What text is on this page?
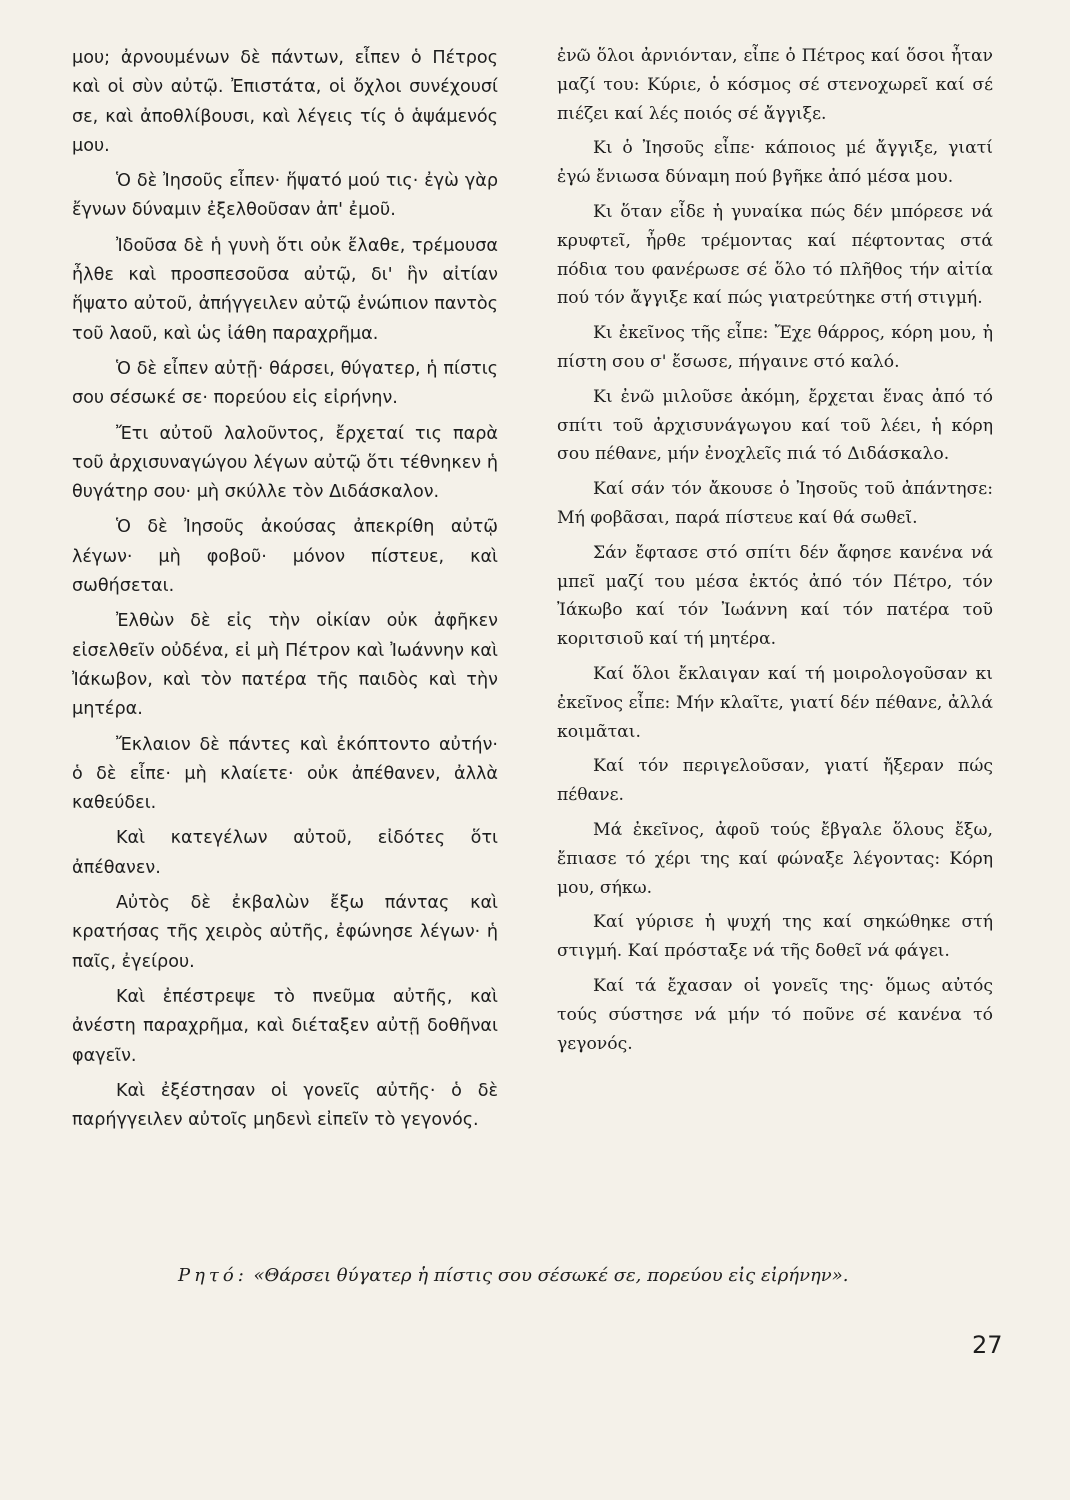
μου; ἀρνουμένων δὲ πάντων, εἶπεν ὁ Πέτρος καὶ οἱ σὺν αὐτῷ. Ἐπιστάτα, οἱ ὄχλοι συνέχουσί σε, καὶ ἀποθλίβουσι, καὶ λέγεις τίς ὁ ἁψάμενός μου.

Ὁ δὲ Ἰησοῦς εἶπεν· ἥψατό μού τις· ἐγὼ γὰρ ἔγνων δύναμιν ἐξελθοῦσαν ἀπ' ἐμοῦ.

Ἰδοῦσα δὲ ἡ γυνὴ ὅτι οὐκ ἔλαθε, τρέμουσα ἦλθε καὶ προσπεσοῦσα αὐτῷ, δι' ἣν αἰτίαν ἥψατο αὐτοῦ, ἀπήγγειλεν αὐτῷ ἐνώπιον παντὸς τοῦ λαοῦ, καὶ ὡς ἰάθη παραχρῆμα.

Ὁ δὲ εἶπεν αὐτῇ· θάρσει, θύγατερ, ἡ πίστις σου σέσωκέ σε· πορεύου εἰς εἰρήνην.

Ἔτι αὐτοῦ λαλοῦντος, ἔρχεταί τις παρὰ τοῦ ἀρχισυναγώγου λέγων αὐτῷ ὅτι τέθνηκεν ἡ θυγάτηρ σου· μὴ σκύλλε τὸν Διδάσκαλον.

Ὁ δὲ Ἰησοῦς ἀκούσας ἀπεκρίθη αὐτῷ λέγων· μὴ φοβοῦ· μόνον πίστευε, καὶ σωθήσεται.

Ἐλθὼν δὲ εἰς τὴν οἰκίαν οὐκ ἀφῆκεν εἰσελθεῖν οὐδένα, εἰ μὴ Πέτρον καὶ Ἰωάννην καὶ Ἰάκωβον, καὶ τὸν πατέρα τῆς παιδὸς καὶ τὴν μητέρα.

Ἔκλαιον δὲ πάντες καὶ ἐκόπτοντο αὐτήν· ὁ δὲ εἶπε· μὴ κλαίετε· οὐκ ἀπέθανεν, ἀλλὰ καθεύδει.

Καὶ κατεγέλων αὐτοῦ, εἰδότες ὅτι ἀπέθανεν.

Αὐτὸς δὲ ἐκβαλὼν ἔξω πάντας καὶ κρατήσας τῆς χειρὸς αὐτῆς, ἐφώνησε λέγων· ἡ παῖς, ἐγείρου.

Καὶ ἐπέστρεψε τὸ πνεῦμα αὐτῆς, καὶ ἀνέστη παραχρῆμα, καὶ διέταξεν αὐτῇ δοθῆναι φαγεῖν.

Καὶ ἐξέστησαν οἱ γονεῖς αὐτῆς· ὁ δὲ παρήγγειλεν αὐτοῖς μηδενὶ εἰπεῖν τὸ γεγονός.

ἐνῶ ὅλοι ἀρνιόνταν, εἶπε ὁ Πέτρος καί ὅσοι ἦταν μαζί του: Κύριε, ὁ κόσμος σέ στενοχωρεῖ καί σέ πιέζει καί λές ποιός σέ ἄγγιξε.

Κι ὁ Ἰησοῦς εἶπε· κάποιος μέ ἄγγιξε, γιατί ἐγώ ἔνιωσα δύναμη πού βγῆκε ἀπό μέσα μου.

Κι ὅταν εἶδε ἡ γυναίκα πώς δέν μπόρεσε νά κρυφτεῖ, ἦρθε τρέμοντας καί πέφτοντας στά πόδια του φανέρωσε σέ ὅλο τό πλῆθος τήν αἰτία πού τόν ἄγγιξε καί πώς γιατρεύτηκε στή στιγμή.

Κι ἐκεῖνος τῆς εἶπε: Ἔχε θάρρος, κόρη μου, ἡ πίστη σου σ' ἔσωσε, πήγαινε στό καλό.

Κι ἐνῶ μιλοῦσε ἀκόμη, ἔρχεται ἕνας ἀπό τό σπίτι τοῦ ἀρχισυνάγωγου καί τοῦ λέει, ἡ κόρη σου πέθανε, μήν ἐνοχλεῖς πιά τό Διδάσκαλο.

Καί σάν τόν ἄκουσε ὁ Ἰησοῦς τοῦ ἀπάντησε: Μή φοβᾶσαι, παρά πίστευε καί θά σωθεῖ.

Σάν ἔφτασε στό σπίτι δέν ἄφησε κανένα νά μπεῖ μαζί του μέσα ἐκτός ἀπό τόν Πέτρο, τόν Ἰάκωβο καί τόν Ἰωάννη καί τόν πατέρα τοῦ κοριτσιοῦ καί τή μητέρα.

Καί ὅλοι ἔκλαιγαν καί τή μοιρολογοῦσαν κι ἐκεῖνος εἶπε: Μήν κλαῖτε, γιατί δέν πέθανε, ἀλλά κοιμᾶται.

Καί τόν περιγελοῦσαν, γιατί ἤξεραν πώς πέθανε.

Μά ἐκεῖνος, ἀφοῦ τούς ἔβγαλε ὅλους ἔξω, ἔπιασε τό χέρι της καί φώναξε λέγοντας: Κόρη μου, σήκω.

Καί γύρισε ἡ ψυχή της καί σηκώθηκε στή στιγμή. Καί πρόσταξε νά τῆς δοθεῖ νά φάγει.

Καί τά ἔχασαν οἱ γονεῖς της· ὅμως αὐτός τούς σύστησε νά μήν τό ποῦνε σέ κανένα τό γεγονός.

Ρητό: «Θάρσει θύγατερ ἡ πίστις σου σέσωκέ σε, πορεύου εἰς εἰρήνην».
27
